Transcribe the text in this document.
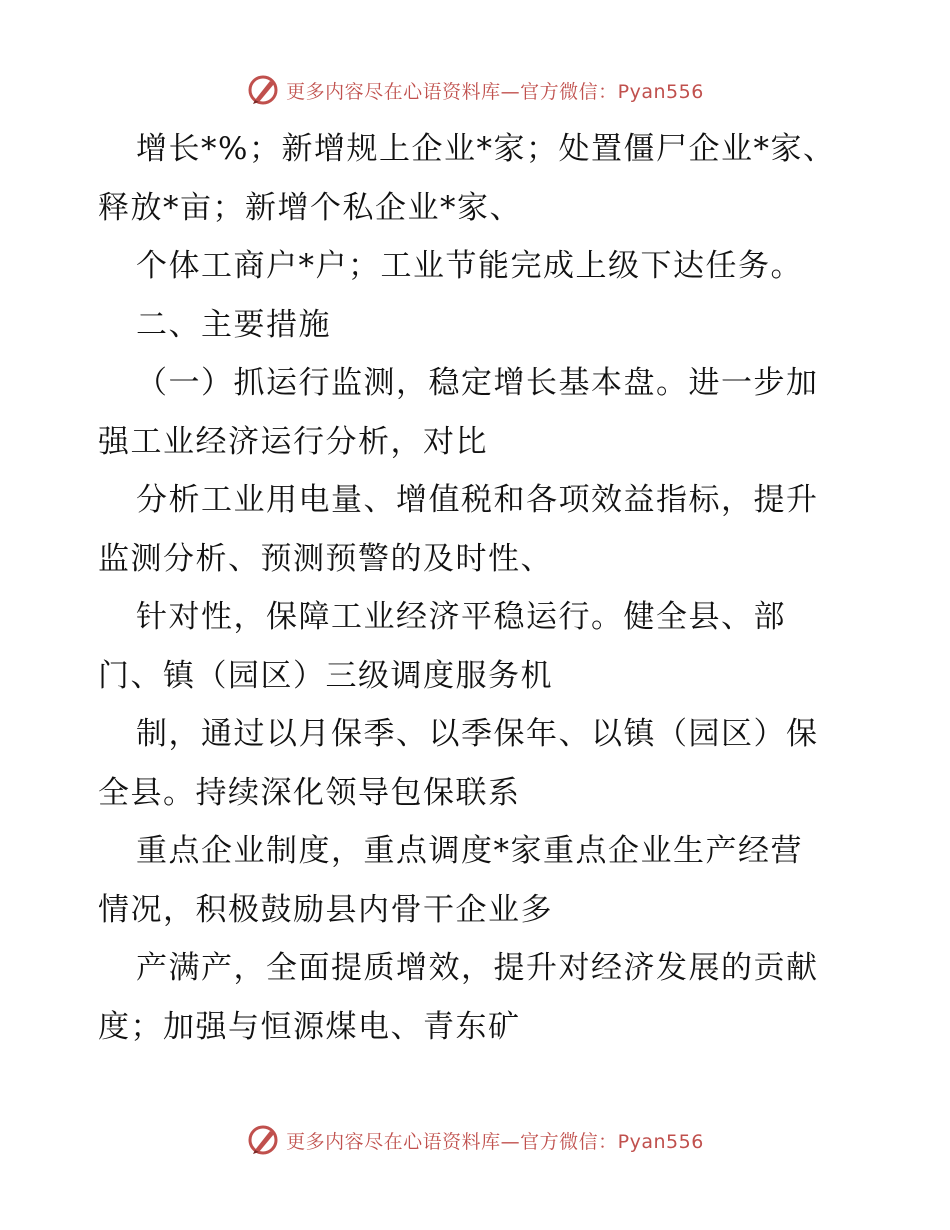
更多内容尽在心语资料库—官方微信：Pyan556

增长*%；新增规上企业*家；处置僵尸企业*家、

释放*亩；新增个私企业*家、

个体工商户*户；工业节能完成上级下达任务。

二、主要措施

（一）抓运行监测，稳定增长基本盘。进一步加

强工业经济运行分析，对比

分析工业用电量、增值税和各项效益指标，提升

监测分析、预测预警的及时性、

针对性，保障工业经济平稳运行。健全县、部

门、镇（园区）三级调度服务机

制，通过以月保季、以季保年、以镇（园区）保

全县。持续深化领导包保联系

重点企业制度，重点调度*家重点企业生产经营

情况，积极鼓励县内骨干企业多

产满产，全面提质增效，提升对经济发展的贡献

度；加强与恒源煤电、青东矿

更多内容尽在心语资料库—官方微信：Pyan556
